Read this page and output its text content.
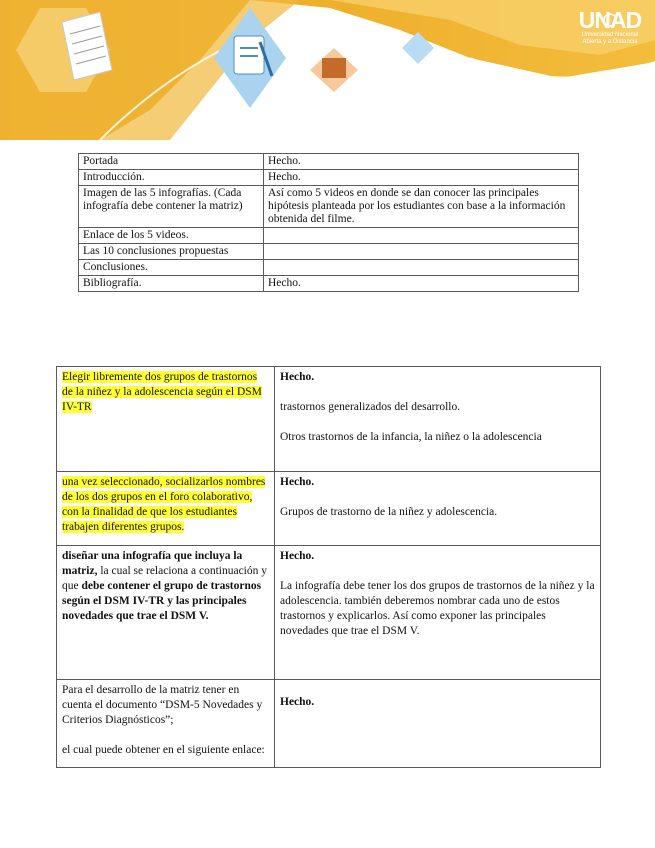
UNAD
Universidad Nacional
Abierta y a Distancia
Portada	Hecho.
Introducción.	Hecho.
Imagen de las 5 infografías. (Cada infografía debe contener la matriz)	Así como 5 videos en donde se dan conocer las principales hipótesis planteada por los estudiantes con base a la información obtenida del filme.
Enlace de los 5 videos.	
Las 10 conclusiones propuestas	
Conclusiones.	
Bibliografía.	Hecho.
Elegir libremente dos grupos de trastornos de la niñez y la adolescencia según el DSM IV-TR	Hecho.

trastornos generalizados del desarrollo.

Otros trastornos de la infancia, la niñez o la adolescencia

una vez seleccionado, socializarlos nombres de los dos grupos en el foro colaborativo, con la finalidad de que los estudiantes trabajen diferentes grupos.	Hecho.

Grupos de trastorno de la niñez y adolescencia.

diseñar una infografía que incluya la matriz, la cual se relaciona a continuación y que debe contener el grupo de trastornos según el DSM IV-TR y las principales novedades que trae el DSM V.	Hecho.

La infografía debe tener los dos grupos de trastornos de la niñez y la adolescencia. también deberemos nombrar cada uno de estos trastornos y explicarlos. Así como exponer las principales novedades que trae el DSM V.

Para el desarrollo de la matriz tener en cuenta el documento “DSM-5 Novedades y Criterios Diagnósticos”;

el cual puede obtener en el siguiente enlace:	Hecho.
